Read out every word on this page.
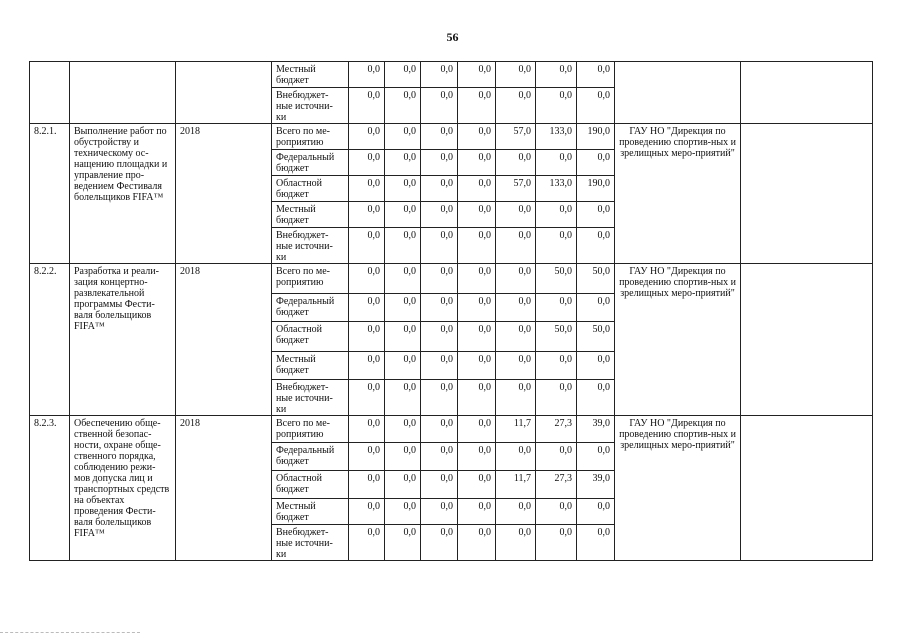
56
			Местный
бюджет	0,0	0,0	0,0	0,0	0,0	0,0	0,0		
			Внебюджет-
ные источни-
ки	0,0	0,0	0,0	0,0	0,0	0,0	0,0		
8.2.1.	Выполнение работ по обустройству и техническому ос-нащению площадки и управление про-ведением Фестиваля болельщиков FIFA™	2018	Всего по ме-
роприятию	0,0	0,0	0,0	0,0	57,0	133,0	190,0	ГАУ НО "Дирекция по проведению спортив-ных и зрелищных меро-приятий"	
			Федеральный
бюджет	0,0	0,0	0,0	0,0	0,0	0,0	0,0		
			Областной
бюджет	0,0	0,0	0,0	0,0	57,0	133,0	190,0		
			Местный
бюджет	0,0	0,0	0,0	0,0	0,0	0,0	0,0		
			Внебюджет-
ные источни-
ки	0,0	0,0	0,0	0,0	0,0	0,0	0,0		
8.2.2.	Разработка и реали-зация концертно-развлекательной программы Фести-валя болельщиков FIFA™	2018	Всего по ме-
роприятию	0,0	0,0	0,0	0,0	0,0	50,0	50,0	ГАУ НО "Дирекция по проведению спортив-ных и зрелищных меро-приятий"	
			Федеральный
бюджет	0,0	0,0	0,0	0,0	0,0	0,0	0,0		
			Областной
бюджет	0,0	0,0	0,0	0,0	0,0	50,0	50,0		
			Местный
бюджет	0,0	0,0	0,0	0,0	0,0	0,0	0,0		
			Внебюджет-
ные источни-
ки	0,0	0,0	0,0	0,0	0,0	0,0	0,0		
8.2.3.	Обеспечению обще-ственной безопас-ности, охране обще-ственного порядка, соблюдению режи-мов допуска лиц и транспортных средств на объектах проведения Фести-валя болельщиков FIFA™	2018	Всего по ме-
роприятию	0,0	0,0	0,0	0,0	11,7	27,3	39,0	ГАУ НО "Дирекция по проведению спортив-ных и зрелищных меро-приятий"	
			Федеральный
бюджет	0,0	0,0	0,0	0,0	0,0	0,0	0,0		
			Областной
бюджет	0,0	0,0	0,0	0,0	11,7	27,3	39,0		
			Местный
бюджет	0,0	0,0	0,0	0,0	0,0	0,0	0,0		
			Внебюджет-
ные источни-
ки	0,0	0,0	0,0	0,0	0,0	0,0	0,0		
